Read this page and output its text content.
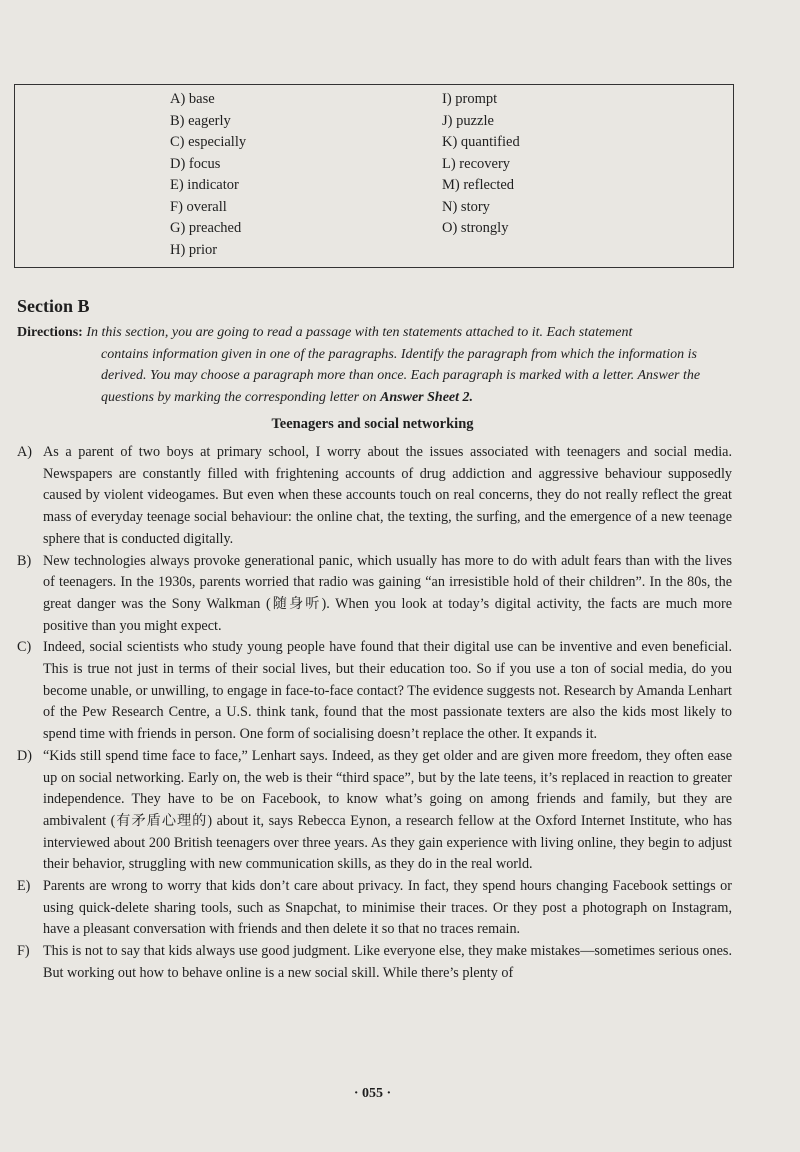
A) base
B) eagerly
C) especially
D) focus
E) indicator
F) overall
G) preached
H) prior
I) prompt
J) puzzle
K) quantified
L) recovery
M) reflected
N) story
O) strongly
Section B
Directions: In this section, you are going to read a passage with ten statements attached to it. Each statement
contains information given in one of the paragraphs. Identify the paragraph from which the information is derived. You may choose a paragraph more than once. Each paragraph is marked with a letter. Answer the questions by marking the corresponding letter on Answer Sheet 2.
Teenagers and social networking
A) As a parent of two boys at primary school, I worry about the issues associated with teenagers and social media. Newspapers are constantly filled with frightening accounts of drug addiction and aggressive behaviour supposedly caused by violent videogames. But even when these accounts touch on real concerns, they do not really reflect the great mass of everyday teenage social behaviour: the online chat, the texting, the surfing, and the emergence of a new teenage sphere that is conducted digitally.
B) New technologies always provoke generational panic, which usually has more to do with adult fears than with the lives of teenagers. In the 1930s, parents worried that radio was gaining “an irresistible hold of their children”. In the 80s, the great danger was the Sony Walkman (随身听). When you look at today’s digital activity, the facts are much more positive than you might expect.
C) Indeed, social scientists who study young people have found that their digital use can be inventive and even beneficial. This is true not just in terms of their social lives, but their education too. So if you use a ton of social media, do you become unable, or unwilling, to engage in face-to-face contact? The evidence suggests not. Research by Amanda Lenhart of the Pew Research Centre, a U.S. think tank, found that the most passionate texters are also the kids most likely to spend time with friends in person. One form of socialising doesn’t replace the other. It expands it.
D) “Kids still spend time face to face,” Lenhart says. Indeed, as they get older and are given more freedom, they often ease up on social networking. Early on, the web is their “third space”, but by the late teens, it’s replaced in reaction to greater independence. They have to be on Facebook, to know what’s going on among friends and family, but they are ambivalent (有矛盾心理的) about it, says Rebecca Eynon, a research fellow at the Oxford Internet Institute, who has interviewed about 200 British teenagers over three years. As they gain experience with living online, they begin to adjust their behavior, struggling with new communication skills, as they do in the real world.
E) Parents are wrong to worry that kids don’t care about privacy. In fact, they spend hours changing Facebook settings or using quick-delete sharing tools, such as Snapchat, to minimise their traces. Or they post a photograph on Instagram, have a pleasant conversation with friends and then delete it so that no traces remain.
F) This is not to say that kids always use good judgment. Like everyone else, they make mistakes—sometimes serious ones. But working out how to behave online is a new social skill. While there’s plenty of
· 055 ·
